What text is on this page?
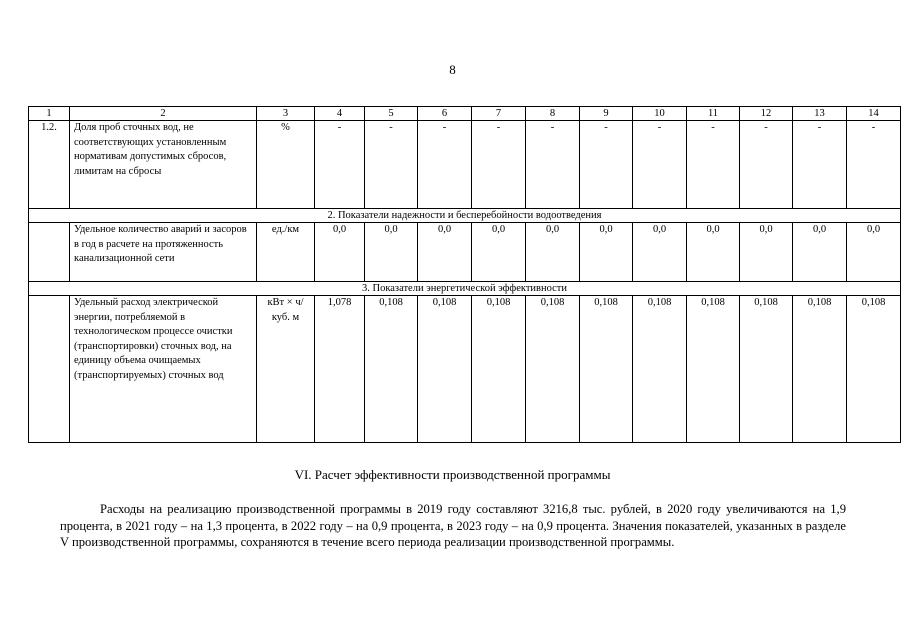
8
1	2	3	4	5	6	7	8	9	10	11	12	13	14
1.2.	Доля проб сточных вод, не соответствующих установленным нормативам допустимых сбросов, лимитам на сбросы	%	-	-	-	-	-	-	-	-	-	-	-
2. Показатели надежности и бесперебойности водоотведения													
	Удельное количество аварий и засоров в год в расчете на протяженность канализационной сети	ед./км	0,0	0,0	0,0	0,0	0,0	0,0	0,0	0,0	0,0	0,0	0,0
3. Показатели энергетической эффективности													
	Удельный расход электрической энергии, потребляемой в технологическом процессе очистки (транспортировки) сточных вод, на единицу объема очищаемых (транспортируемых) сточных вод	кВт × ч/ куб. м	1,078	0,108	0,108	0,108	0,108	0,108	0,108	0,108	0,108	0,108	0,108
VI. Расчет эффективности производственной программы

Расходы на реализацию производственной программы в 2019 году составляют 3216,8 тыс. рублей, в 2020 году увеличиваются на 1,9 процента, в 2021 году – на 1,3 процента, в 2022 году – на 0,9 процента, в 2023 году – на 0,9 процента. Значения показателей, указанных в разделе V производственной программы, сохраняются в течение всего периода реализации производственной программы.
